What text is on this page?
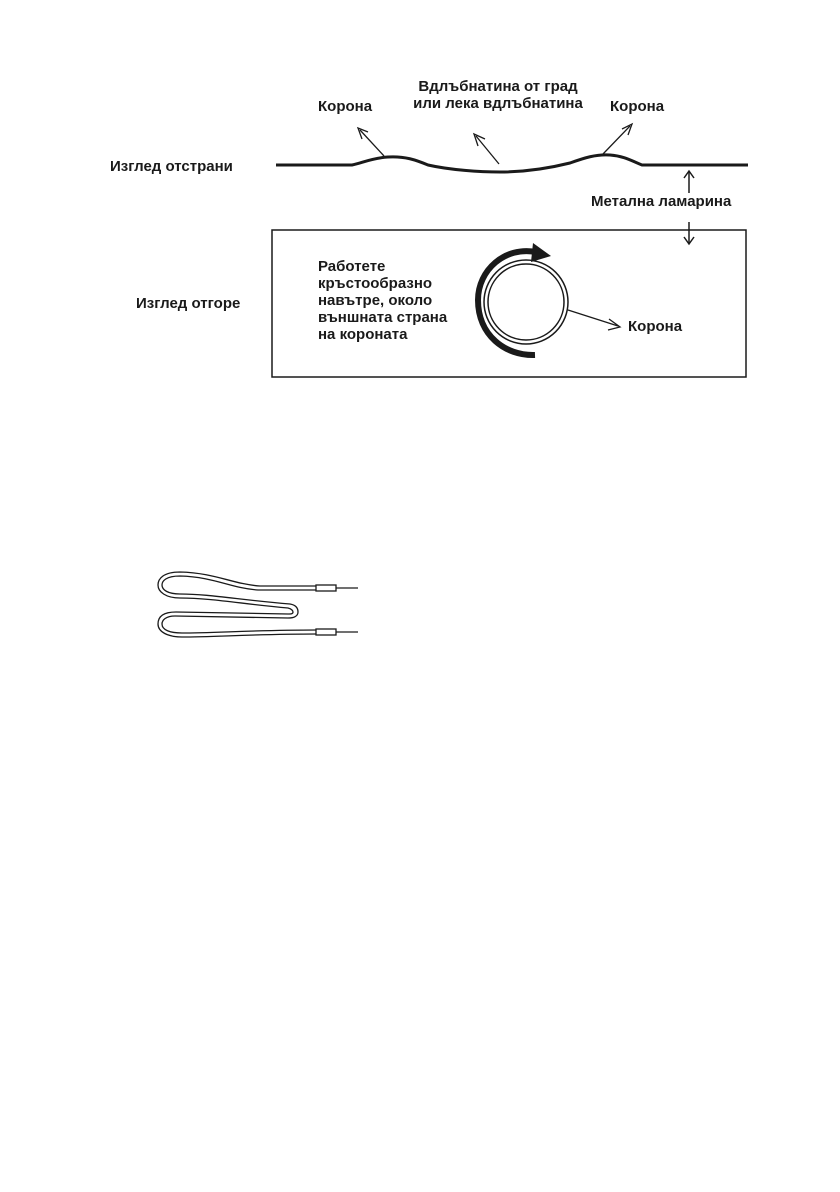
Вдлъбнатина от град
или лека вдлъбнатина
Корона	Корона
Изглед отстрани
Метална ламарина
Изглед отгоре
Работете
кръстообразно
навътре, около
външната страна
на короната	Корона
